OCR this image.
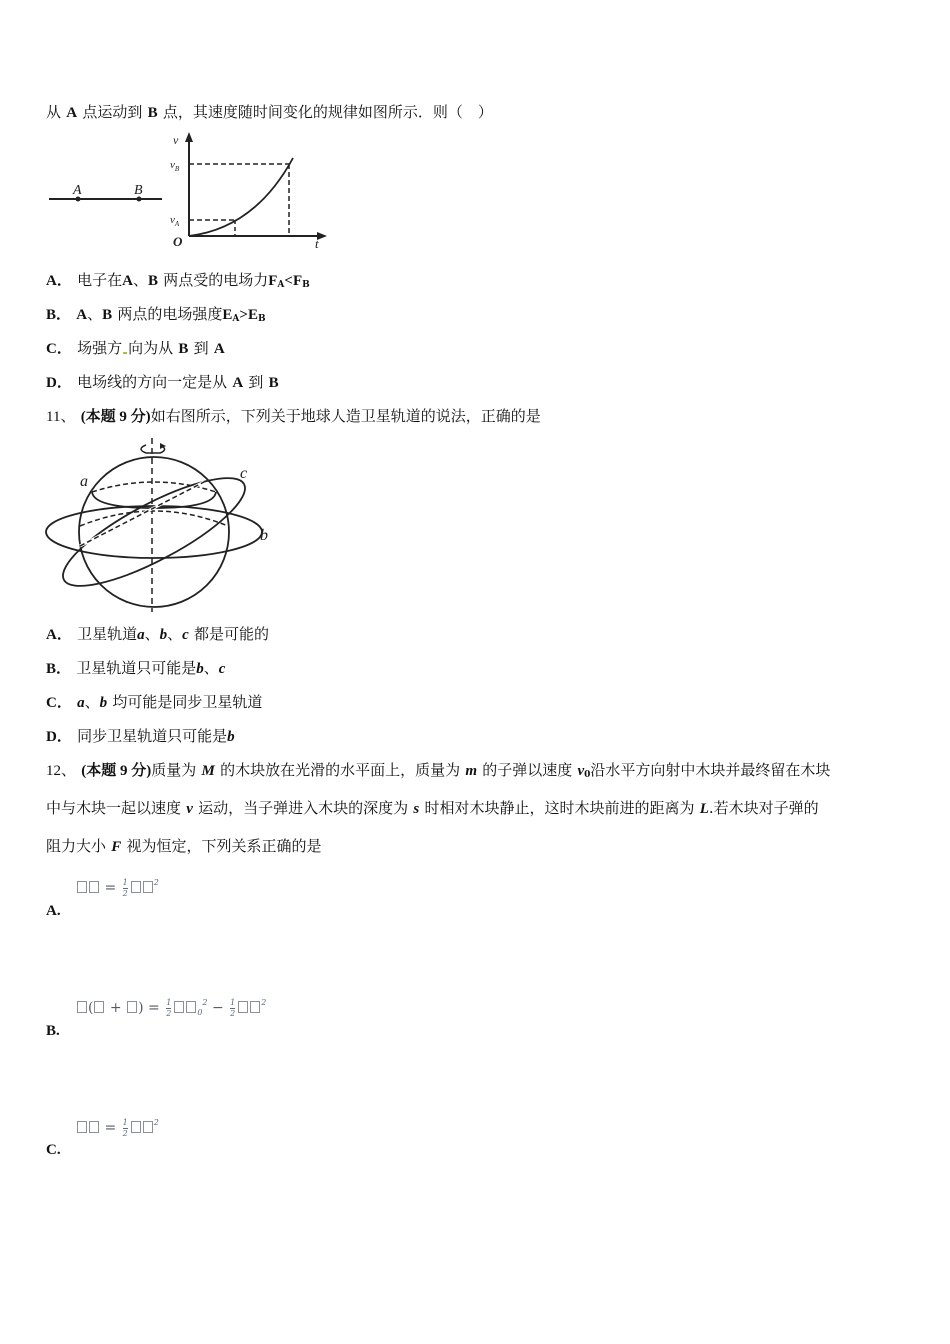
从 A 点运动到 B 点，其速度随时间变化的规律如图所示．则（　）
A	B
v
$v_B$
$v_A$
O	t
A． 电子在A、B 两点受的电场力$F_A<F_B$
B． A、B 两点的电场强度$E_A>E_B$
C． 场强方 向为从 B 到 A
D． 电场线的方向一定是从 A 到 B
11、 (本题 9 分)如右图所示，下列关于地球人造卫星轨道的说法，正确的是
a	c
b
A． 卫星轨道a、b、c 都是可能的
B． 卫星轨道只可能是b、c
C． a、b 均可能是同步卫星轨道
D． 同步卫星轨道只可能是b
12、 (本题 9 分)质量为 M 的木块放在光滑的水平面上，质量为 m 的子弹以速度 $v_0$沿水平方向射中木块并最终留在木块
中与木块一起以速度 v 运动，当子弹进入木块的深度为 s 时相对木块静止，这时木块前进的距离为 L.若木块对子弹的
阻力大小 F 视为恒定，下列关系正确的是
= $\frac{1}{2}$	$^2$
A.
( + ) = $\frac{1}{2}$	$_0^2 - \frac{1}{2}$	$^2$
B.
= $\frac{1}{2}$	$^2$
C.
